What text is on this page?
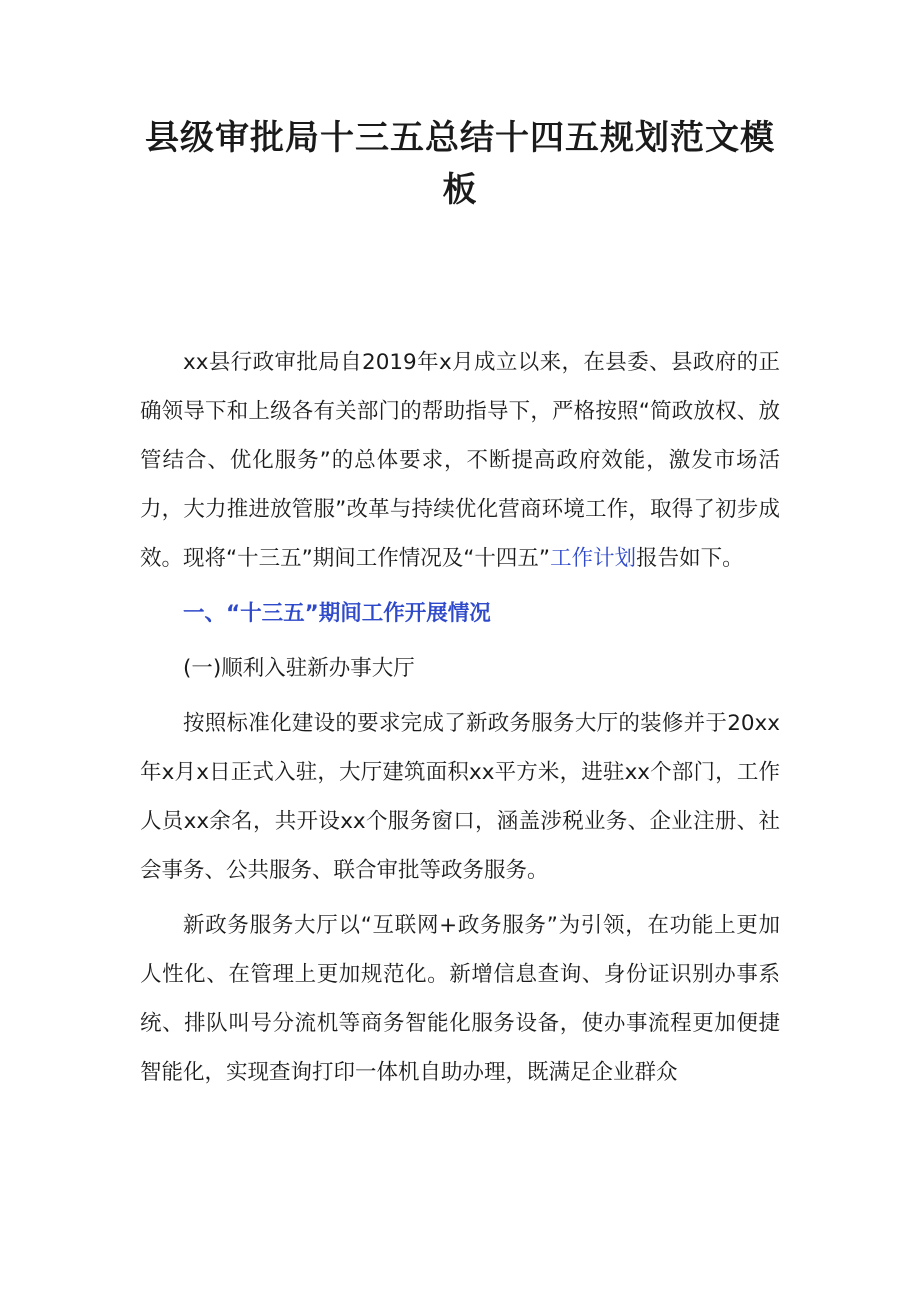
县级审批局十三五总结十四五规划范文模板

xx县行政审批局自2019年x月成立以来，在县委、县政府的正确领导下和上级各有关部门的帮助指导下，严格按照“简政放权、放管结合、优化服务”的总体要求，不断提高政府效能，激发市场活力，大力推进放管服”改革与持续优化营商环境工作，取得了初步成效。现将“十三五”期间工作情况及“十四五”工作计划报告如下。

一、“十三五”期间工作开展情况

(一)顺利入驻新办事大厅

按照标准化建设的要求完成了新政务服务大厅的装修并于20xx年x月x日正式入驻，大厅建筑面积xx平方米，进驻xx个部门，工作人员xx余名，共开设xx个服务窗口，涵盖涉税业务、企业注册、社会事务、公共服务、联合审批等政务服务。

新政务服务大厅以“互联网+政务服务”为引领，在功能上更加人性化、在管理上更加规范化。新增信息查询、身份证识别办事系统、排队叫号分流机等商务智能化服务设备，使办事流程更加便捷智能化，实现查询打印一体机自助办理，既满足企业群众
